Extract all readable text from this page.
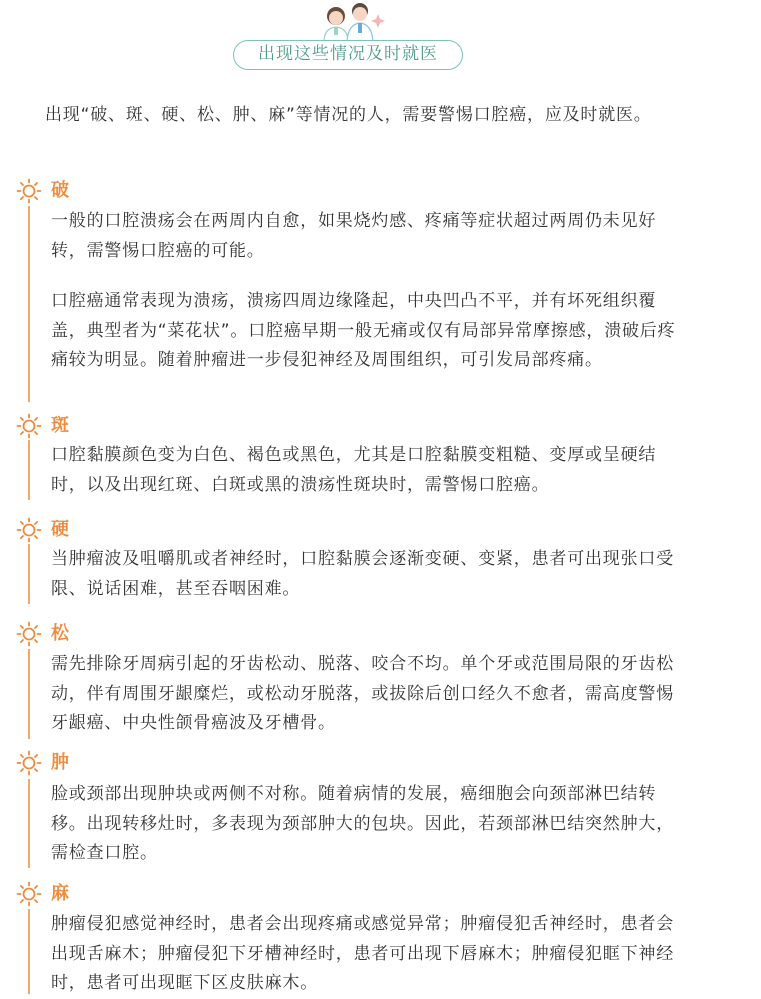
出现这些情况及时就医

出现“破、斑、硬、松、肿、麻”等情况的人，需要警惕口腔癌，应及时就医。

破

一般的口腔溃疡会在两周内自愈，如果烧灼感、疼痛等症状超过两周仍未见好转，需警惕口腔癌的可能。

口腔癌通常表现为溃疡，溃疡四周边缘隆起，中央凹凸不平，并有坏死组织覆盖，典型者为“菜花状”。口腔癌早期一般无痛或仅有局部异常摩擦感，溃破后疼痛较为明显。随着肿瘤进一步侵犯神经及周围组织，可引发局部疼痛。

斑

口腔黏膜颜色变为白色、褐色或黑色，尤其是口腔黏膜变粗糙、变厚或呈硬结时，以及出现红斑、白斑或黑的溃疡性斑块时，需警惕口腔癌。

硬

当肿瘤波及咀嚼肌或者神经时，口腔黏膜会逐渐变硬、变紧，患者可出现张口受限、说话困难，甚至吞咽困难。

松

需先排除牙周病引起的牙齿松动、脱落、咬合不均。单个牙或范围局限的牙齿松动，伴有周围牙龈糜烂，或松动牙脱落，或拔除后创口经久不愈者，需高度警惕牙龈癌、中央性颌骨癌波及牙槽骨。

肿

脸或颈部出现肿块或两侧不对称。随着病情的发展，癌细胞会向颈部淋巴结转移。出现转移灶时，多表现为颈部肿大的包块。因此，若颈部淋巴结突然肿大，需检查口腔。

麻

肿瘤侵犯感觉神经时，患者会出现疼痛或感觉异常；肿瘤侵犯舌神经时，患者会出现舌麻木；肿瘤侵犯下牙槽神经时，患者可出现下唇麻木；肿瘤侵犯眶下神经时，患者可出现眶下区皮肤麻木。
